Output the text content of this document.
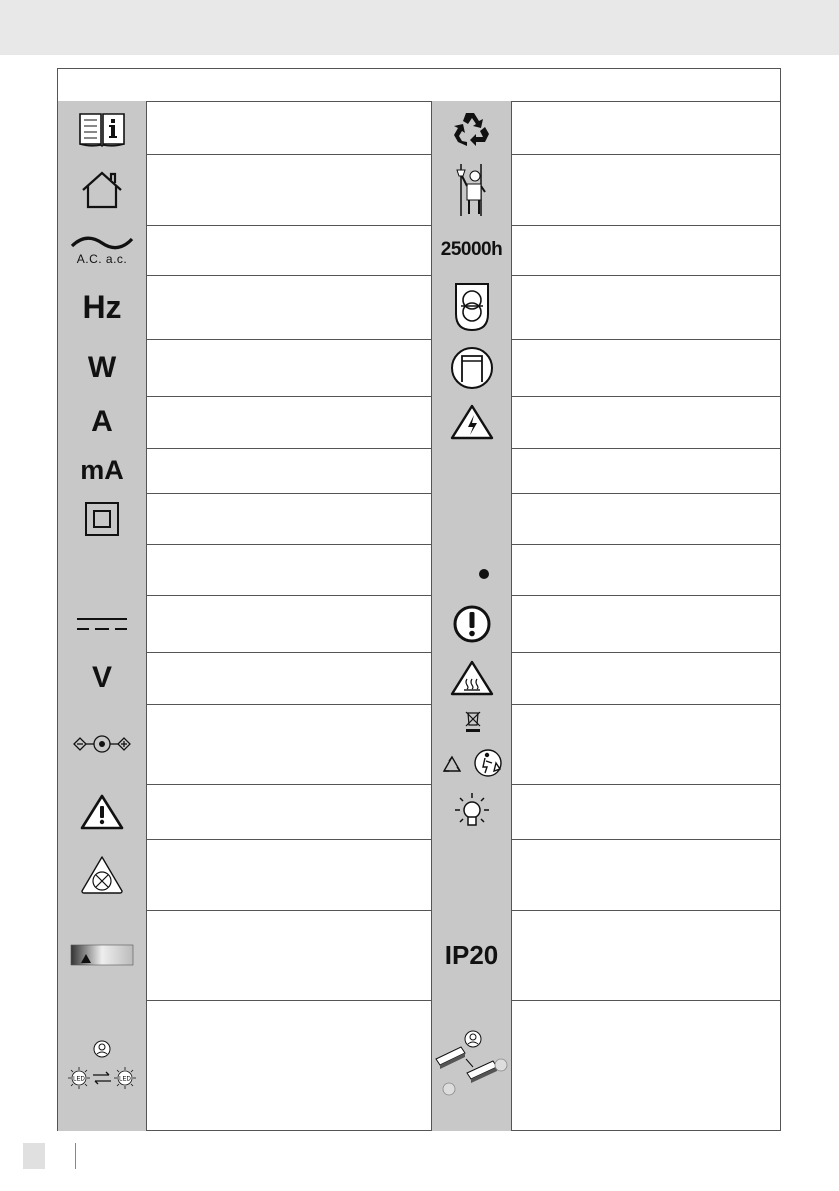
A.C. a.c.	25000h
Hz
W
A
mA
V
IP20
LED	LED
